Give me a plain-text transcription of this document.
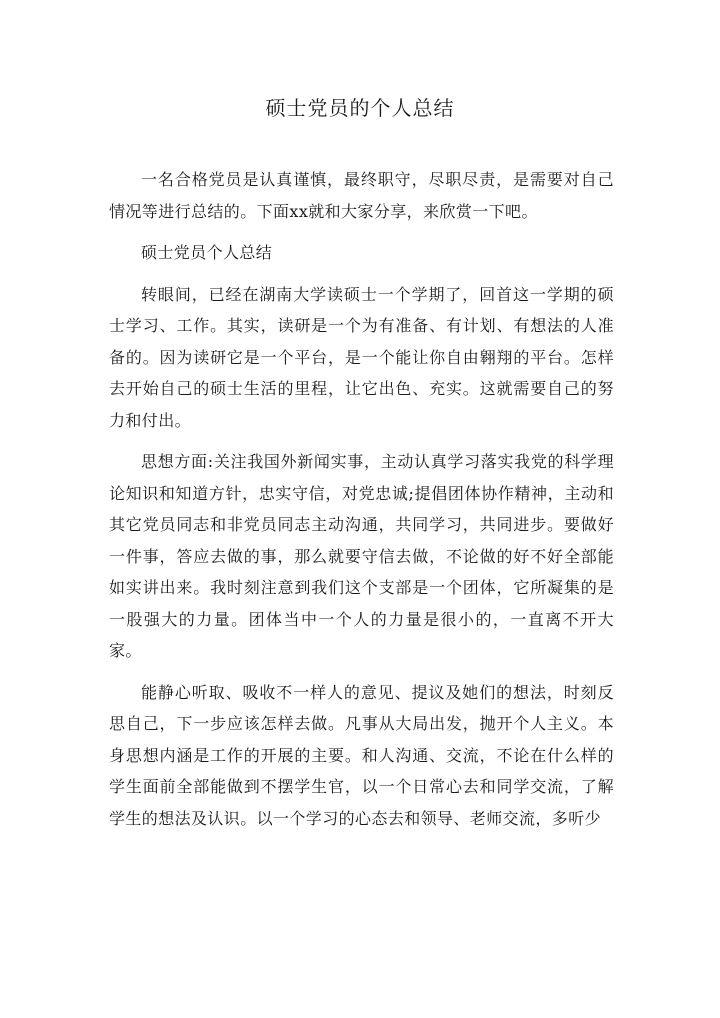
硕士党员的个人总结

一名合格党员是认真谨慎，最终职守，尽职尽责，是需要对自己情况等进行总结的。下面xx就和大家分享，来欣赏一下吧。

硕士党员个人总结

转眼间，已经在湖南大学读硕士一个学期了，回首这一学期的硕士学习、工作。其实，读研是一个为有准备、有计划、有想法的人准备的。因为读研它是一个平台，是一个能让你自由翱翔的平台。怎样去开始自己的硕士生活的里程，让它出色、充实。这就需要自己的努力和付出。

思想方面:关注我国外新闻实事，主动认真学习落实我党的科学理论知识和知道方针，忠实守信，对党忠诚;提倡团体协作精神，主动和其它党员同志和非党员同志主动沟通，共同学习，共同进步。要做好一件事，答应去做的事，那么就要守信去做，不论做的好不好全部能如实讲出来。我时刻注意到我们这个支部是一个团体，它所凝集的是一股强大的力量。团体当中一个人的力量是很小的，一直离不开大家。

能静心听取、吸收不一样人的意见、提议及她们的想法，时刻反思自己，下一步应该怎样去做。凡事从大局出发，抛开个人主义。本身思想内涵是工作的开展的主要。和人沟通、交流，不论在什么样的学生面前全部能做到不摆学生官，以一个日常心去和同学交流，了解学生的想法及认识。以一个学习的心态去和领导、老师交流，多听少
